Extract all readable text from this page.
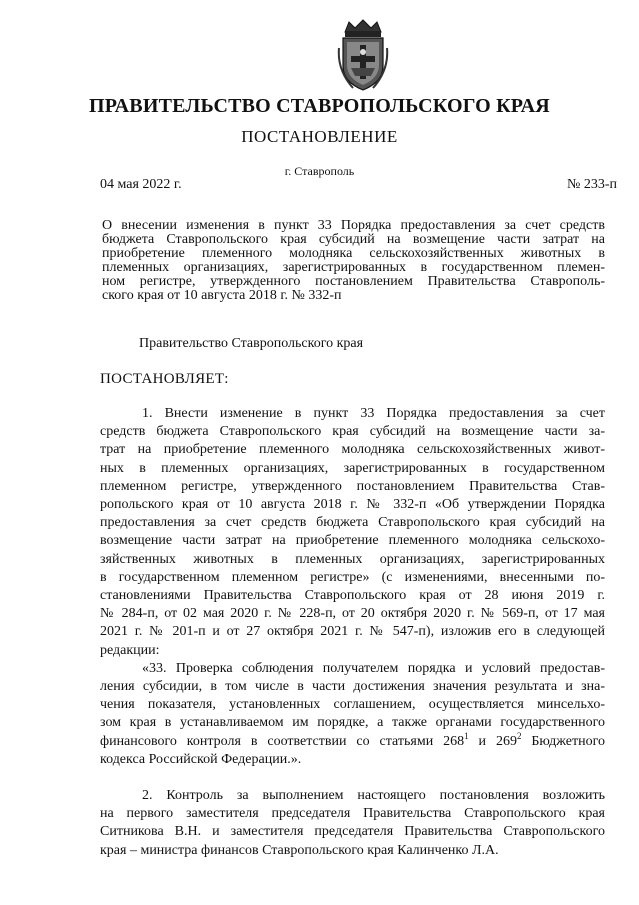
ПРАВИТЕЛЬСТВО СТАВРОПОЛЬСКОГО КРАЯ
ПОСТАНОВЛЕНИЕ
г. Ставрополь
04 мая 2022 г.	№ 233-п
О внесении изменения в пункт 33 Порядка предоставления за счет средств
бюджета Ставропольского края субсидий на возмещение части затрат на
приобретение племенного молодняка сельскохозяйственных животных в
племенных организациях, зарегистрированных в государственном племен-
ном регистре, утвержденного постановлением Правительства Ставрополь-
ского края от 10 августа 2018 г. № 332-п
Правительство Ставропольского края
ПОСТАНОВЛЯЕТ:

1. Внести изменение в пункт 33 Порядка предоставления за счет
средств бюджета Ставропольского края субсидий на возмещение части за-
трат на приобретение племенного молодняка сельскохозяйственных живот-
ных в племенных организациях, зарегистрированных в государственном
племенном регистре, утвержденного постановлением Правительства Став-
ропольского края от 10 августа 2018 г. № 332-п «Об утверждении Порядка
предоставления за счет средств бюджета Ставропольского края субсидий на
возмещение части затрат на приобретение племенного молодняка сельскохо-
зяйственных животных в племенных организациях, зарегистрированных
в государственном племенном регистре» (с изменениями, внесенными по-
становлениями Правительства Ставропольского края от 28 июня 2019 г.
№ 284-п, от 02 мая 2020 г. № 228-п, от 20 октября 2020 г. № 569-п, от 17 мая
2021 г. № 201-п и от 27 октября 2021 г. № 547-п), изложив его в следующей
редакции:

«33. Проверка соблюдения получателем порядка и условий предостав-
ления субсидии, в том числе в части достижения значения результата и зна-
чения показателя, установленных соглашением, осуществляется минсельхо-
зом края в устанавливаемом им порядке, а также органами государственного
финансового контроля в соответствии со статьями $268^1$ и $269^2$ Бюджетного
кодекса Российской Федерации.».

2. Контроль за выполнением настоящего постановления возложить
на первого заместителя председателя Правительства Ставропольского края
Ситникова В.Н. и заместителя председателя Правительства Ставропольского
края – министра финансов Ставропольского края Калинченко Л.А.
